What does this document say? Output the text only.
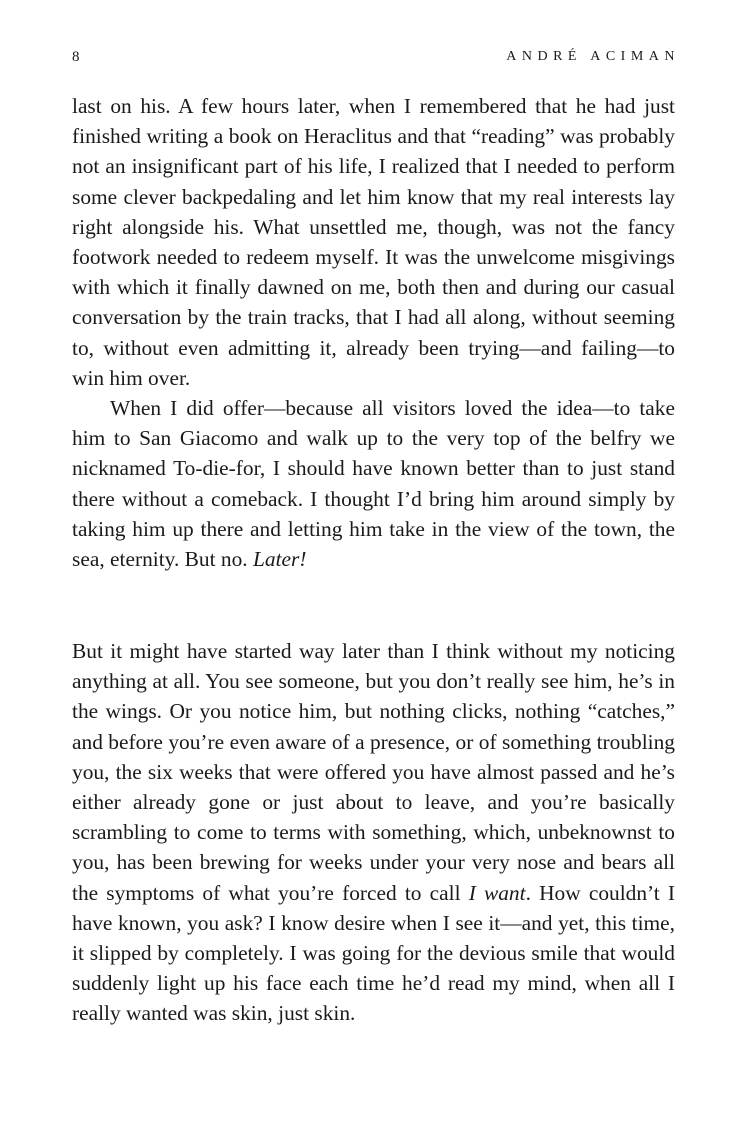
8	ANDRÉ ACIMAN

last on his. A few hours later, when I remembered that he had just finished writing a book on Heraclitus and that “reading” was probably not an insignificant part of his life, I realized that I needed to perform some clever backpedaling and let him know that my real interests lay right alongside his. What unsettled me, though, was not the fancy footwork needed to redeem myself. It was the unwelcome misgivings with which it finally dawned on me, both then and during our casual conversation by the train tracks, that I had all along, without seeming to, without even admitting it, already been trying—and failing—to win him over.

When I did offer—because all visitors loved the idea—to take him to San Giacomo and walk up to the very top of the belfry we nicknamed To-die-for, I should have known better than to just stand there without a comeback. I thought I’d bring him around simply by taking him up there and letting him take in the view of the town, the sea, eternity. But no. Later!

But it might have started way later than I think without my noticing anything at all. You see someone, but you don’t really see him, he’s in the wings. Or you notice him, but nothing clicks, nothing “catches,” and before you’re even aware of a presence, or of something troubling you, the six weeks that were offered you have almost passed and he’s either already gone or just about to leave, and you’re basically scrambling to come to terms with something, which, unbeknownst to you, has been brewing for weeks under your very nose and bears all the symptoms of what you’re forced to call I want. How couldn’t I have known, you ask? I know desire when I see it—and yet, this time, it slipped by completely. I was going for the devious smile that would suddenly light up his face each time he’d read my mind, when all I really wanted was skin, just skin.
